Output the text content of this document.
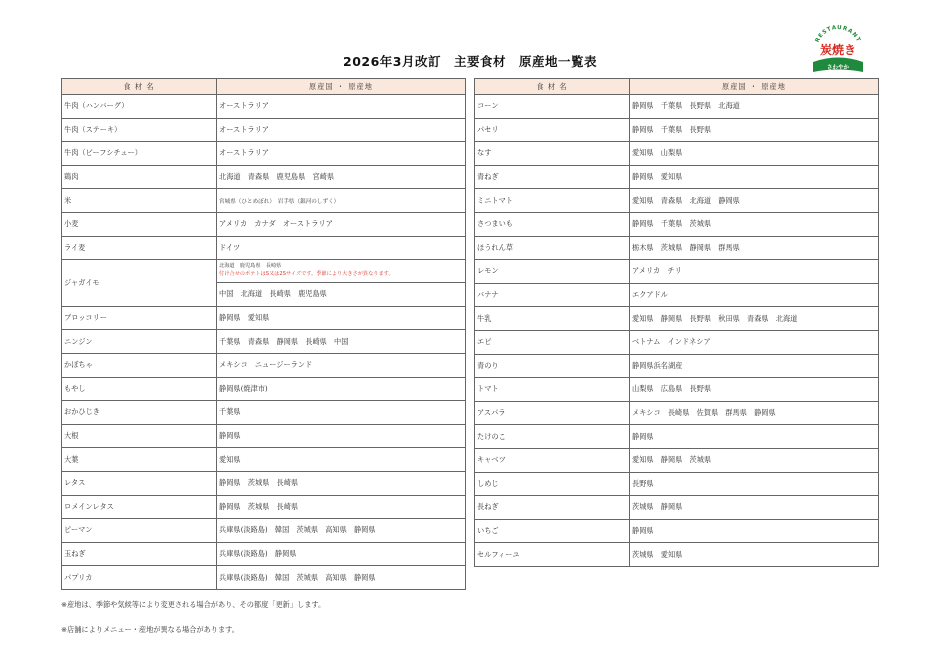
2026年3月改訂　主要食材　原産地一覧表
RESTAURANT
炭焼き
さわやか
食 材 名	原産国 ・ 原産地
牛肉（ハンバーグ）	オーストラリア
牛肉（ステーキ）	オーストラリア
牛肉（ビーフシチュー）	オーストラリア
鶏肉	北海道　青森県　鹿児島県　宮崎県
米	宮城県（ひとめぼれ）　岩手県（銀河のしずく）
小麦	アメリカ　カナダ　オーストラリア
ライ麦	ドイツ
ジャガイモ	北海道　鹿児島県　長崎県
付け合せのポテトはS又は2Sサイズです。季節により大きさが異なります。
中国　北海道　長崎県　鹿児島県

ブロッコリー	静岡県　愛知県
ニンジン	千葉県　青森県　静岡県　長崎県　中国
かぼちゃ	メキシコ　ニュージーランド
もやし	静岡県(焼津市)
おかひじき	千葉県
大根	静岡県
大葉	愛知県
レタス	静岡県　茨城県　長崎県
ロメインレタス	静岡県　茨城県　長崎県
ピーマン	兵庫県(淡路島)　韓国　茨城県　高知県　静岡県
玉ねぎ	兵庫県(淡路島)　静岡県
パプリカ	兵庫県(淡路島)　韓国　茨城県　高知県　静岡県
食 材 名	原産国 ・ 原産地
コーン	静岡県　千葉県　長野県　北海道
パセリ	静岡県　千葉県　長野県
なす	愛知県　山梨県
青ねぎ	静岡県　愛知県
ミニトマト	愛知県　青森県　北海道　静岡県
さつまいも	静岡県　千葉県　茨城県
ほうれん草	栃木県　茨城県　静岡県　群馬県
レモン	アメリカ　チリ
バナナ	エクアドル
牛乳	愛知県　静岡県　長野県　秋田県　青森県　北海道
エビ	ベトナム　インドネシア
青のり	静岡県浜名湖産
トマト	山梨県　広島県　長野県
アスパラ	メキシコ　長崎県　佐賀県　群馬県　静岡県
たけのこ	静岡県
キャベツ	愛知県　静岡県　茨城県
しめじ	長野県
長ねぎ	茨城県　静岡県
いちご	静岡県
セルフィーユ	茨城県　愛知県
※産地は、季節や気候等により変更される場合があり、その都度「更新」します。
※店舗によりメニュー・産地が異なる場合があります。
